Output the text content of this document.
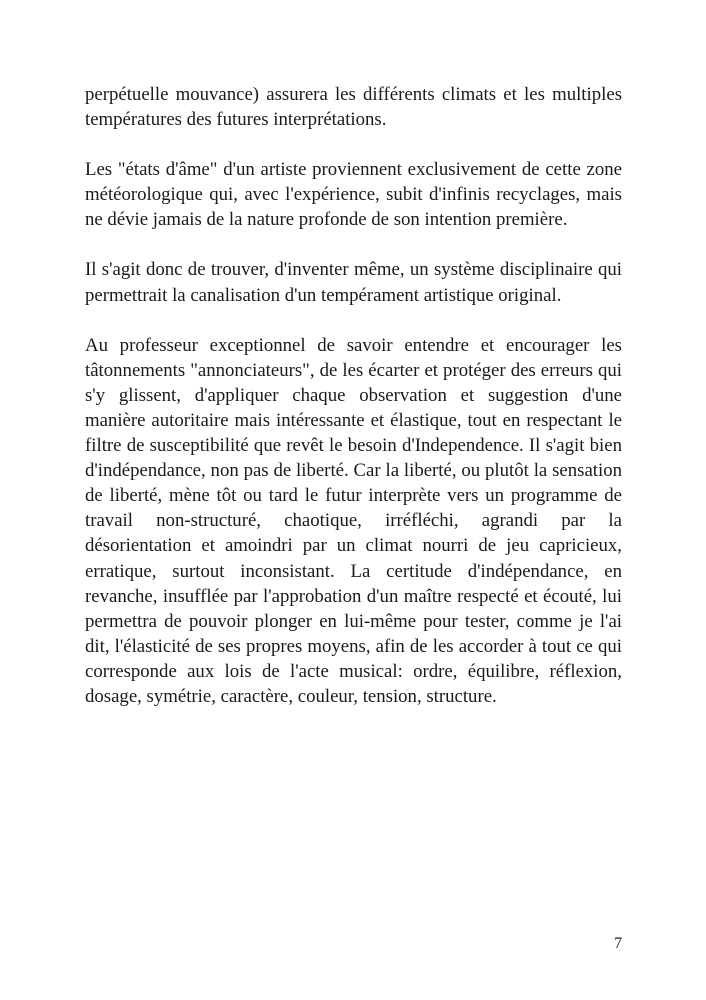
perpétuelle mouvance) assurera les différents climats et les multiples températures des futures interprétations.

Les "états d'âme" d'un artiste proviennent exclusivement de cette zone météorologique qui, avec l'expérience, subit d'infinis recyclages, mais ne dévie jamais de la nature profonde de son intention première.

Il s'agit donc de trouver, d'inventer même, un système disciplinaire qui permettrait la canalisation d'un tempérament artistique original.

Au professeur exceptionnel de savoir entendre et encourager les tâtonnements "annonciateurs", de les écarter et protéger des erreurs qui s'y glissent, d'appliquer chaque observation et suggestion d'une manière autoritaire mais intéressante et élastique, tout en respectant le filtre de susceptibilité que revêt le besoin d'Independence. Il s'agit bien d'indépendance, non pas de liberté. Car la liberté, ou plutôt la sensation de liberté, mène tôt ou tard le futur interprète vers un programme de travail non-structuré, chaotique, irréfléchi, agrandi par la désorientation et amoindri par un climat nourri de jeu capricieux, erratique, surtout inconsistant. La certitude d'indépendance, en revanche, insufflée par l'approbation d'un maître respecté et écouté, lui permettra de pouvoir plonger en lui-même pour tester, comme je l'ai dit, l'élasticité de ses propres moyens, afin de les accorder à tout ce qui corresponde aux lois de l'acte musical: ordre, équilibre, réflexion, dosage, symétrie, caractère, couleur, tension, structure.

7
